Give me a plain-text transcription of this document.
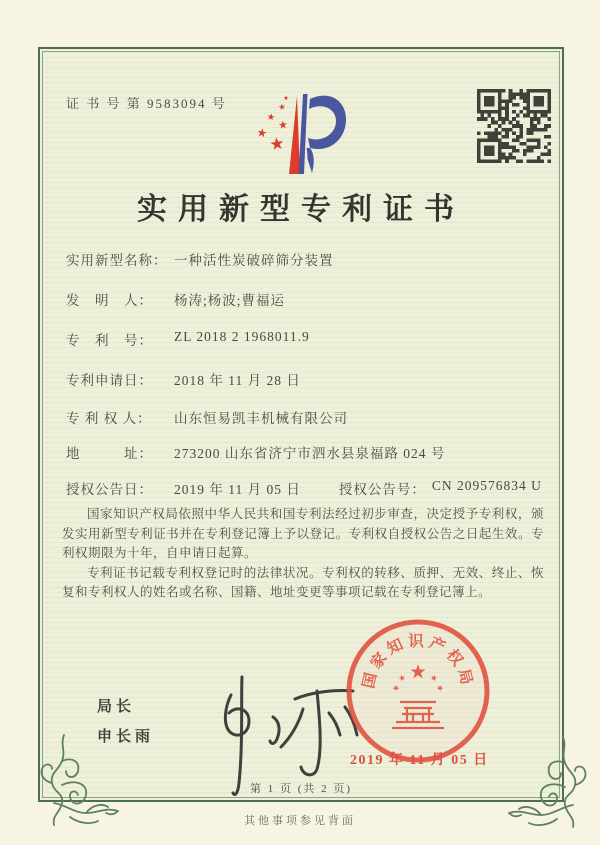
证 书 号 第 9583094 号
实用新型专利证书
实用新型名称： 一种活性炭破碎筛分装置
发　明　人：	杨涛;杨波;曹福运
专　利　号：	ZL 2018 2 1968011.9
专利申请日：	2018 年 11 月 28 日
专 利 权 人：	山东恒易凯丰机械有限公司
地　　　址：	273200 山东省济宁市泗水县泉福路 024 号
授权公告日：	2019 年 11 月 05 日	授权公告号： CN 209576834 U

国家知识产权局依照中华人民共和国专利法经过初步审查，决定授予专利权，颁发实用新型专利证书并在专利登记簿上予以登记。专利权自授权公告之日起生效。专利权期限为十年，自申请日起算。

专利证书记载专利权登记时的法律状况。专利权的转移、质押、无效、终止、恢复和专利权人的姓名或名称、国籍、地址变更等事项记载在专利登记簿上。

局长
申长雨
国家知识产权局
2019 年 11 月 05 日
第 1 页 (共 2 页)
其他事项参见背面
